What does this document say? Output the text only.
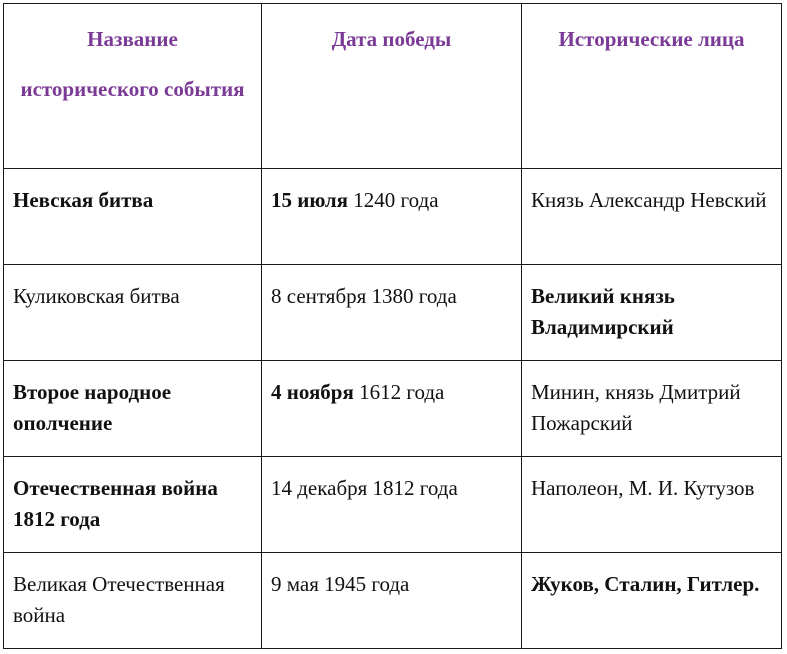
Название исторического события	Дата победы	Исторические лица

Невская битва	15 июля 1240 года	Князь Александр Невский

Куликовская битва	8 сентября 1380 года	Великий князь Владимирский

Второе народное ополчение	4 ноября 1612 года	Минин, князь Дмитрий Пожарский

Отечественная война 1812 года	14 декабря 1812 года	Наполеон, М. И. Кутузов

Великая Отечественная война	9 мая 1945 года	Жуков, Сталин, Гитлер.
